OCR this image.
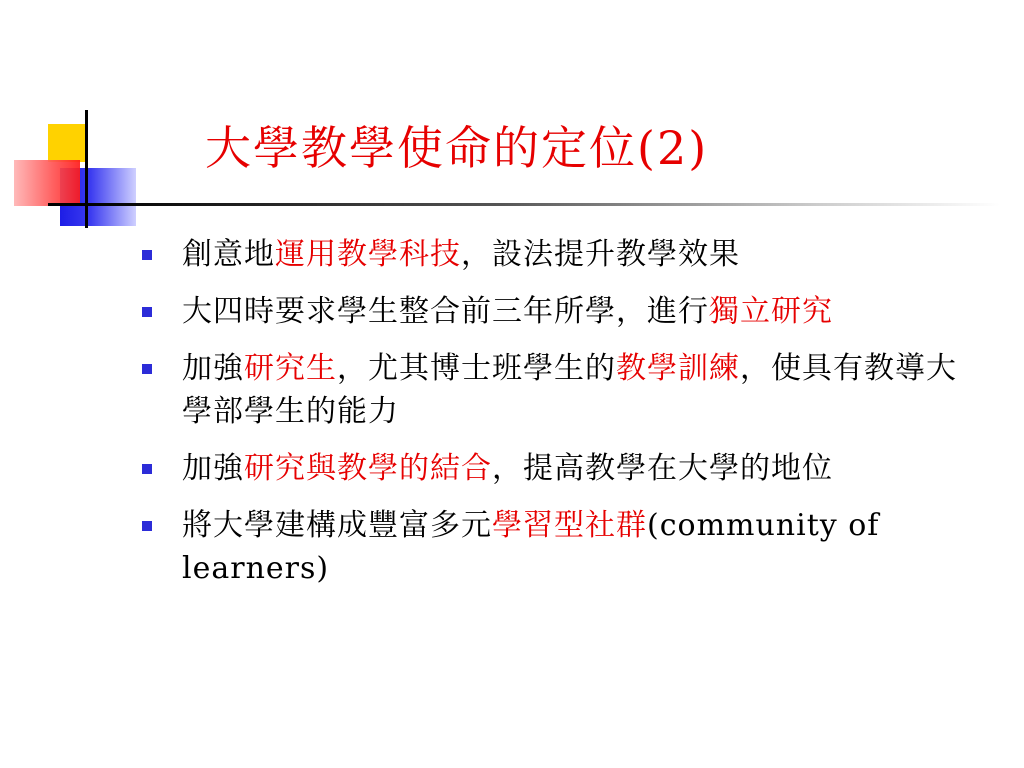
大學教學使命的定位(2)
創意地運用教學科技，設法提升教學效果
大四時要求學生整合前三年所學，進行獨立研究
加強研究生，尤其博士班學生的教學訓練，使具有教導大學部學生的能力
加強研究與教學的結合，提高教學在大學的地位
將大學建構成豐富多元學習型社群(community of learners)
